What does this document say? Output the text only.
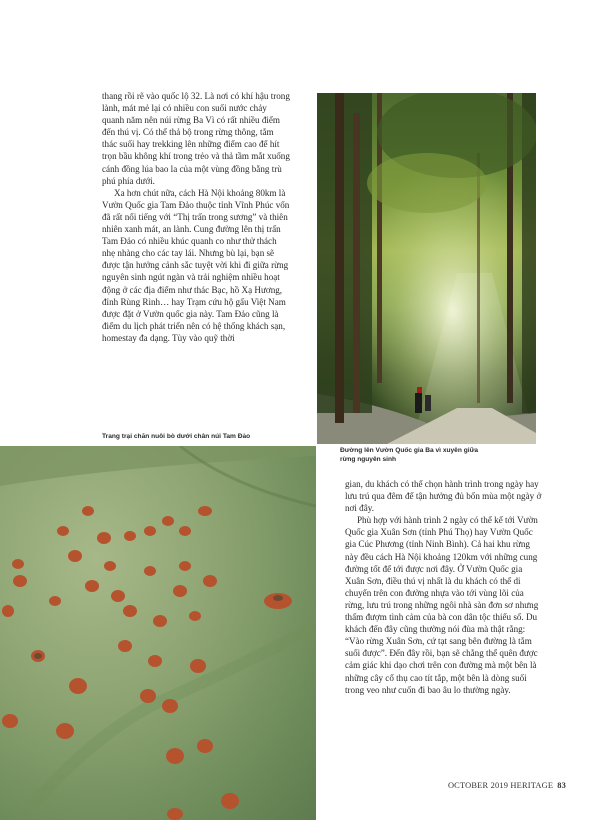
thang rồi rẽ vào quốc lộ 32. Là nơi có khí hậu trong lành, mát mẻ lại có nhiều con suối nước chảy quanh năm nên núi rừng Ba Vì có rất nhiều điểm đến thú vị. Có thể thả bộ trong rừng thông, tắm thác suối hay trekking lên những điểm cao để hít trọn bầu không khí trong trẻo và thả tầm mắt xuống cánh đồng lúa bao la của một vùng đồng bằng trù phú phía dưới.

Xa hơn chút nữa, cách Hà Nội khoảng 80km là Vườn Quốc gia Tam Đảo thuộc tỉnh Vĩnh Phúc vốn đã rất nổi tiếng với “Thị trấn trong sương” và thiên nhiên xanh mát, an lành. Cung đường lên thị trấn Tam Đảo có nhiều khúc quanh co như thử thách nhẹ nhàng cho các tay lái. Nhưng bù lại, bạn sẽ được tận hưởng cảnh sắc tuyệt vời khi đi giữa rừng nguyên sinh ngút ngàn và trải nghiệm nhiều hoạt động ở các địa điểm như thác Bạc, hồ Xạ Hương, đỉnh Rùng Rình… hay Trạm cứu hộ gấu Việt Nam được đặt ở Vườn quốc gia này. Tam Đảo cũng là điểm du lịch phát triển nên có hệ thống khách sạn, homestay đa dạng. Tùy vào quỹ thời

Trang trại chăn nuôi bò dưới chân núi Tam Đảo
Đường lên Vườn Quốc gia Ba vì xuyên giữa rừng nguyên sinh

gian, du khách có thể chọn hành trình trong ngày hay lưu trú qua đêm để tận hưởng đủ bốn mùa một ngày ở nơi đây.

Phù hợp với hành trình 2 ngày có thể kể tới Vườn Quốc gia Xuân Sơn (tỉnh Phú Thọ) hay Vườn Quốc gia Cúc Phương (tỉnh Ninh Bình). Cả hai khu rừng này đều cách Hà Nội khoảng 120km với những cung đường tốt để tới được nơi đây. Ở Vườn Quốc gia Xuân Sơn, điều thú vị nhất là du khách có thể di chuyển trên con đường nhựa vào tới vùng lõi của rừng, lưu trú trong những ngôi nhà sàn đơn sơ nhưng thấm đượm tình cảm của bà con dân tộc thiểu số. Du khách đến đây cũng thường nói đùa mà thật rằng: “Vào rừng Xuân Sơn, cứ tạt sang bên đường là tắm suối được”. Đến đây rồi, bạn sẽ chẳng thể quên được cảm giác khi dạo chơi trên con đường mà một bên là những cây cổ thụ cao tít tắp, một bên là dòng suối trong veo như cuốn đi bao âu lo thường ngày.

OCTOBER 2019 HERITAGE 83
